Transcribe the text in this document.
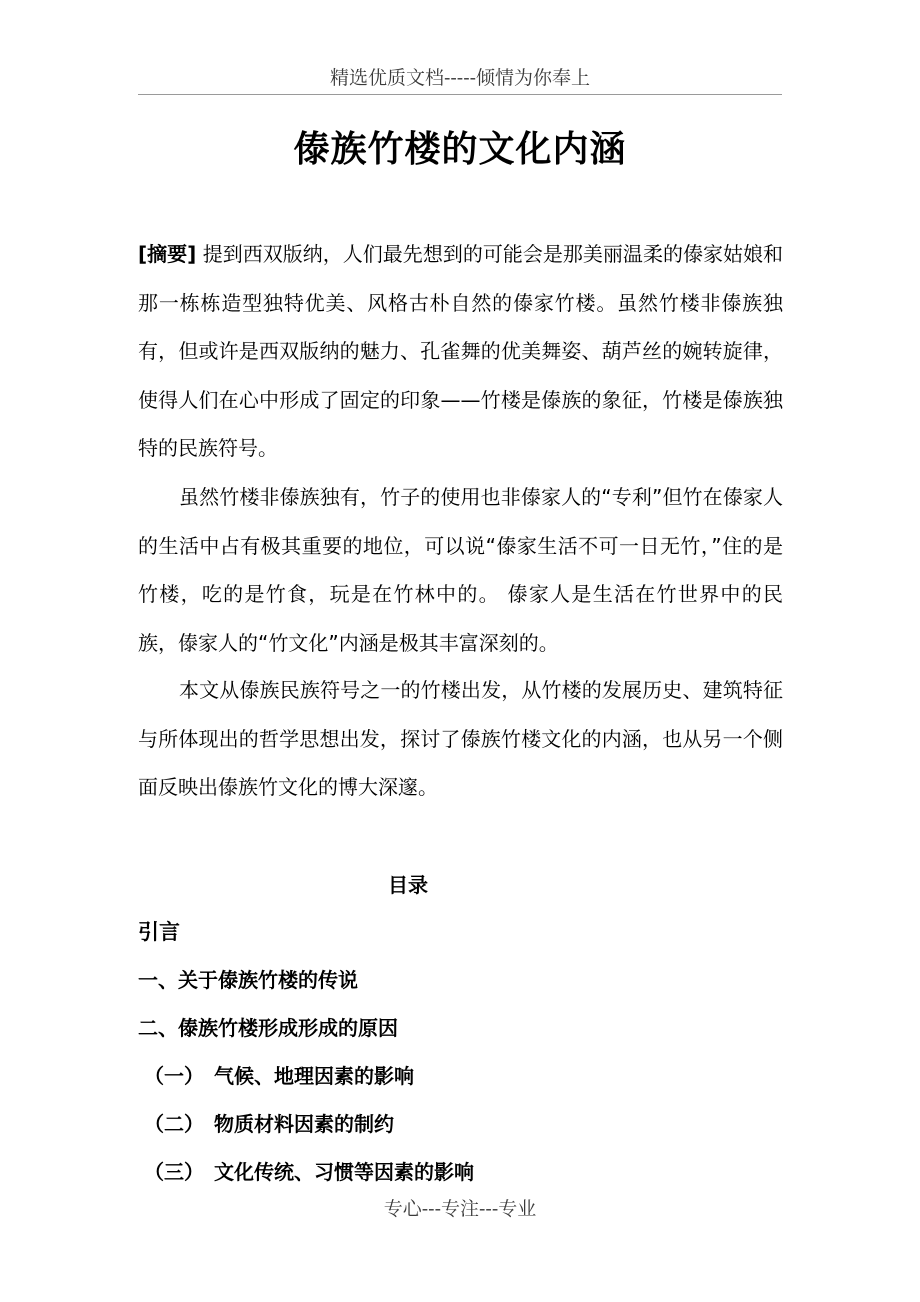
精选优质文档-----倾情为你奉上
傣族竹楼的文化内涵

[摘要] 提到西双版纳，人们最先想到的可能会是那美丽温柔的傣家姑娘和那一栋栋造型独特优美、风格古朴自然的傣家竹楼。虽然竹楼非傣族独有，但或许是西双版纳的魅力、孔雀舞的优美舞姿、葫芦丝的婉转旋律，使得人们在心中形成了固定的印象——竹楼是傣族的象征，竹楼是傣族独特的民族符号。

虽然竹楼非傣族独有，竹子的使用也非傣家人的“专利”但竹在傣家人的生活中占有极其重要的地位，可以说“傣家生活不可一日无竹，”住的是竹楼，吃的是竹食，玩是在竹林中的。 傣家人是生活在竹世界中的民族，傣家人的“竹文化”内涵是极其丰富深刻的。

本文从傣族民族符号之一的竹楼出发，从竹楼的发展历史、建筑特征与所体现出的哲学思想出发，探讨了傣族竹楼文化的内涵，也从另一个侧面反映出傣族竹文化的博大深邃。

目录
引言
一、关于傣族竹楼的传说
二、傣族竹楼形成形成的原因
（一） 气候、地理因素的影响
（二） 物质材料因素的制约
（三） 文化传统、习惯等因素的影响
专心---专注---专业
